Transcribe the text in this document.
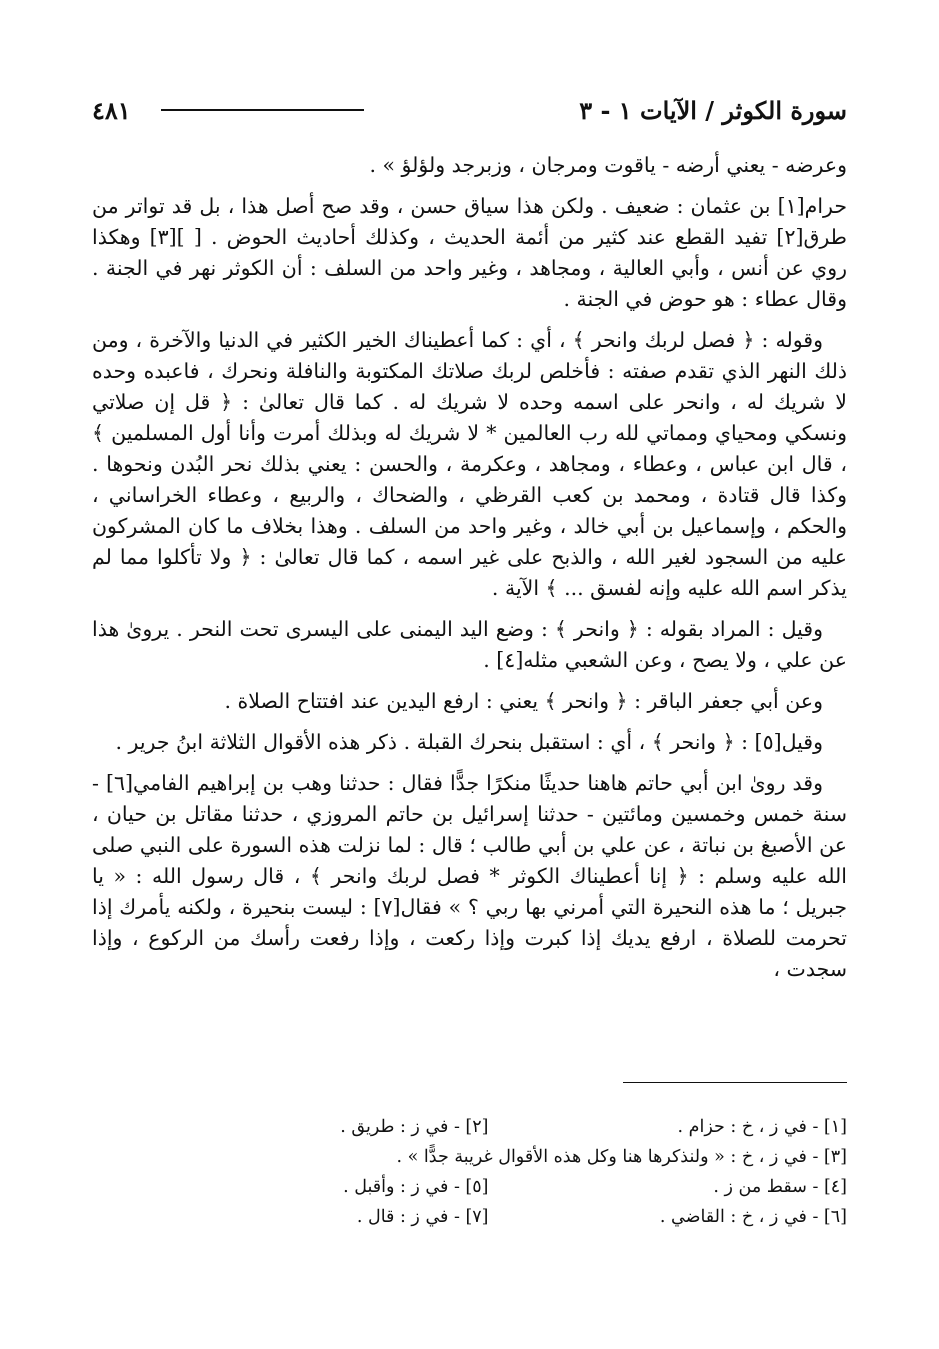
٤٨١	سورة الكوثر / الآيات ١ - ٣

وعرضه - يعني أرضه - ياقوت ومرجان ، وزبرجد ولؤلؤ » .

حرام[١] بن عثمان : ضعيف . ولكن هذا سياق حسن ، وقد صح أصل هذا ، بل قد تواتر من طرق[٢] تفيد القطع عند كثير من أئمة الحديث ، وكذلك أحاديث الحوض . [ ][٣] وهكذا روي عن أنس ، وأبي العالية ، ومجاهد ، وغير واحد من السلف : أن الكوثر نهر في الجنة . وقال عطاء : هو حوض في الجنة .

وقوله : ﴿ فصل لربك وانحر ﴾ ، أي : كما أعطيناك الخير الكثير في الدنيا والآخرة ، ومن ذلك النهر الذي تقدم صفته : فأخلص لربك صلاتك المكتوبة والنافلة ونحرك ، فاعبده وحده لا شريك له ، وانحر على اسمه وحده لا شريك له . كما قال تعالىٰ : ﴿ قل إن صلاتي ونسكي ومحياي ومماتي لله رب العالمين * لا شريك له وبذلك أمرت وأنا أول المسلمين ﴾ ، قال ابن عباس ، وعطاء ، ومجاهد ، وعكرمة ، والحسن : يعني بذلك نحر البُدن ونحوها . وكذا قال قتادة ، ومحمد بن كعب القرظي ، والضحاك ، والربيع ، وعطاء الخراساني ، والحكم ، وإسماعيل بن أبي خالد ، وغير واحد من السلف . وهذا بخلاف ما كان المشركون عليه من السجود لغير الله ، والذبح على غير اسمه ، كما قال تعالىٰ : ﴿ ولا تأكلوا مما لم يذكر اسم الله عليه وإنه لفسق ... ﴾ الآية .

وقيل : المراد بقوله : ﴿ وانحر ﴾ : وضع اليد اليمنى على اليسرى تحت النحر . يروىٰ هذا عن علي ، ولا يصح ، وعن الشعبي مثله[٤] .

وعن أبي جعفر الباقر : ﴿ وانحر ﴾ يعني : ارفع اليدين عند افتتاح الصلاة .

وقيل[٥] : ﴿ وانحر ﴾ ، أي : استقبل بنحرك القبلة . ذكر هذه الأقوال الثلاثة ابنُ جرير .

وقد روىٰ ابن أبي حاتم هاهنا حديثًا منكرًا جدًّا فقال : حدثنا وهب بن إبراهيم الفامي[٦] - سنة خمس وخمسين ومائتين - حدثنا إسرائيل بن حاتم المروزي ، حدثنا مقاتل بن حيان ، عن الأصبغ بن نباتة ، عن علي بن أبي طالب ؛ قال : لما نزلت هذه السورة على النبي صلى الله عليه وسلم : ﴿ إنا أعطيناك الكوثر * فصل لربك وانحر ﴾ ، قال رسول الله : « يا جبريل ؛ ما هذه النحيرة التي أمرني بها ربي ؟ » فقال[٧] : ليست بنحيرة ، ولكنه يأمرك إذا تحرمت للصلاة ، ارفع يديك إذا كبرت وإذا ركعت ، وإذا رفعت رأسك من الركوع ، وإذا سجدت ،

[١] - في ز ، خ : حزام .
[٢] - في ز : طريق .
[٣] - في ز ، خ : « ولنذكرها هنا وكل هذه الأقوال غريبة جدًّا » .
[٤] - سقط من ز .
[٥] - في ز : وأقبل .
[٦] - في ز ، خ : القاضي .
[٧] - في ز : قال .
